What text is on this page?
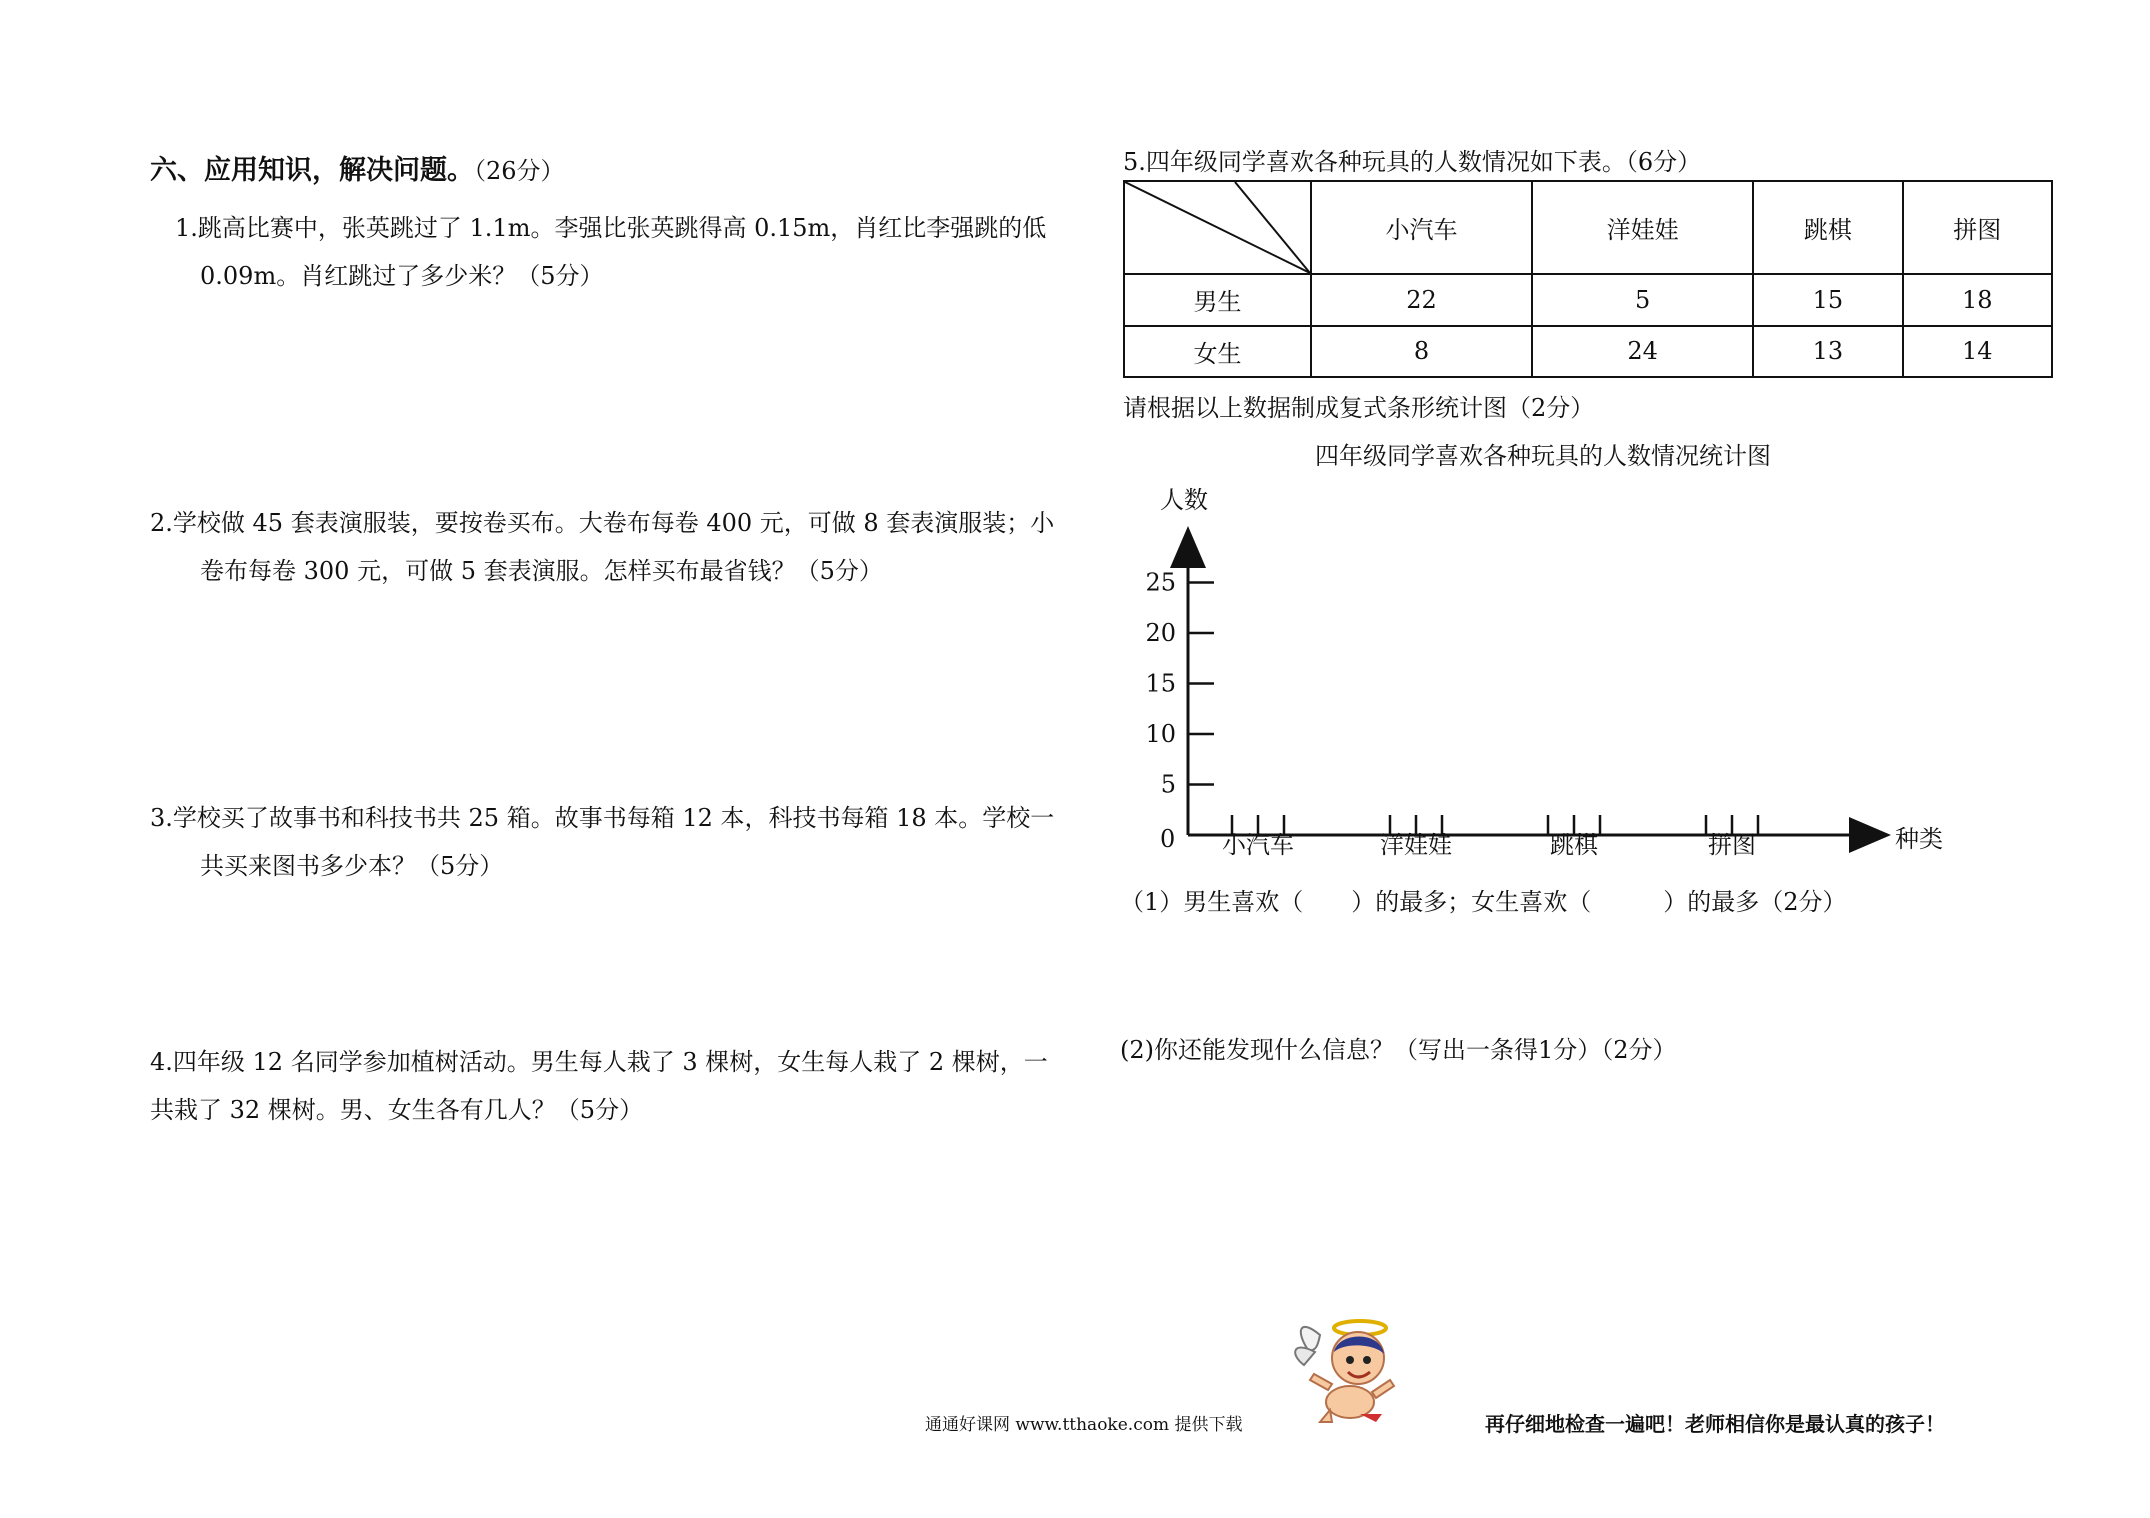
六、应用知识，解决问题。（26分）
1.跳高比赛中，张英跳过了 1.1m。李强比张英跳得高 0.15m，肖红比李强跳的低
0.09m。肖红跳过了多少米？（5分）
2.学校做 45 套表演服装，要按卷买布。大卷布每卷 400 元，可做 8 套表演服装；小
卷布每卷 300 元，可做 5 套表演服。怎样买布最省钱？（5分）
3.学校买了故事书和科技书共 25 箱。故事书每箱 12 本，科技书每箱 18 本。学校一
共买来图书多少本？（5分）
4.四年级 12 名同学参加植树活动。男生每人栽了 3 棵树，女生每人栽了 2 棵树，一
共栽了 32 棵树。男、女生各有几人？（5分）
5.四年级同学喜欢各种玩具的人数情况如下表。（6分）
	小汽车	洋娃娃	跳棋	拼图
男生	22	5	15	18
女生	8	24	13	14
请根据以上数据制成复式条形统计图（2分）
四年级同学喜欢各种玩具的人数情况统计图
人数
种类
0
5
10
15
20
25
小汽车	洋娃娃	跳棋	拼图
（1）男生喜欢（　　）的最多；女生喜欢（　　　）的最多（2分）
(2)你还能发现什么信息？（写出一条得1分）（2分）
通通好课网 www.tthaoke.com 提供下载	再仔细地检查一遍吧！老师相信你是最认真的孩子！
